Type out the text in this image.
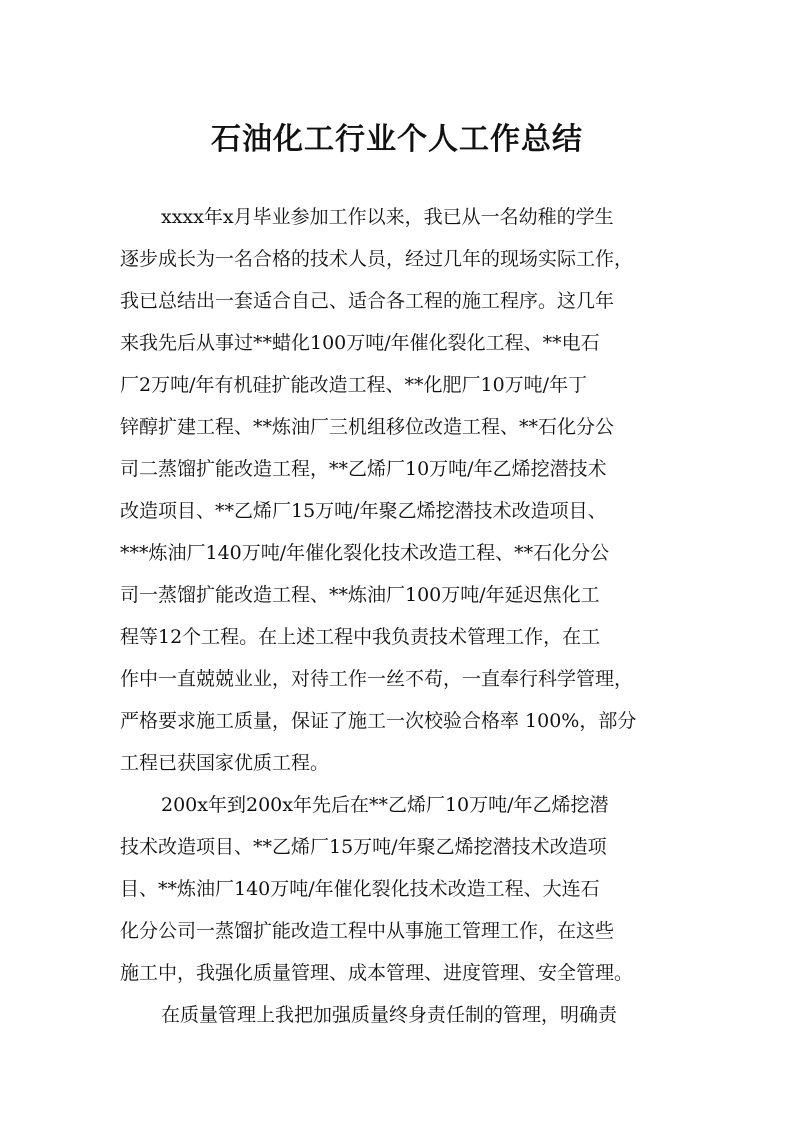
石油化工行业个人工作总结

xxxx年x月毕业参加工作以来，我已从一名幼稚的学生
逐步成长为一名合格的技术人员，经过几年的现场实际工作，
我已总结出一套适合自己、适合各工程的施工程序。这几年
来我先后从事过**蜡化100万吨/年催化裂化工程、**电石
厂2万吨/年有机硅扩能改造工程、**化肥厂10万吨/年丁
锌醇扩建工程、**炼油厂三机组移位改造工程、**石化分公
司二蒸馏扩能改造工程，**乙烯厂10万吨/年乙烯挖潜技术
改造项目、**乙烯厂15万吨/年聚乙烯挖潜技术改造项目、
***炼油厂140万吨/年催化裂化技术改造工程、**石化分公
司一蒸馏扩能改造工程、**炼油厂100万吨/年延迟焦化工
程等12个工程。在上述工程中我负责技术管理工作，在工
作中一直兢兢业业，对待工作一丝不苟，一直奉行科学管理，
严格要求施工质量，保证了施工一次校验合格率 100%，部分
工程已获国家优质工程。

200x年到200x年先后在**乙烯厂10万吨/年乙烯挖潜
技术改造项目、**乙烯厂15万吨/年聚乙烯挖潜技术改造项
目、**炼油厂140万吨/年催化裂化技术改造工程、大连石
化分公司一蒸馏扩能改造工程中从事施工管理工作，在这些
施工中，我强化质量管理、成本管理、进度管理、安全管理。

在质量管理上我把加强质量终身责任制的管理，明确责
